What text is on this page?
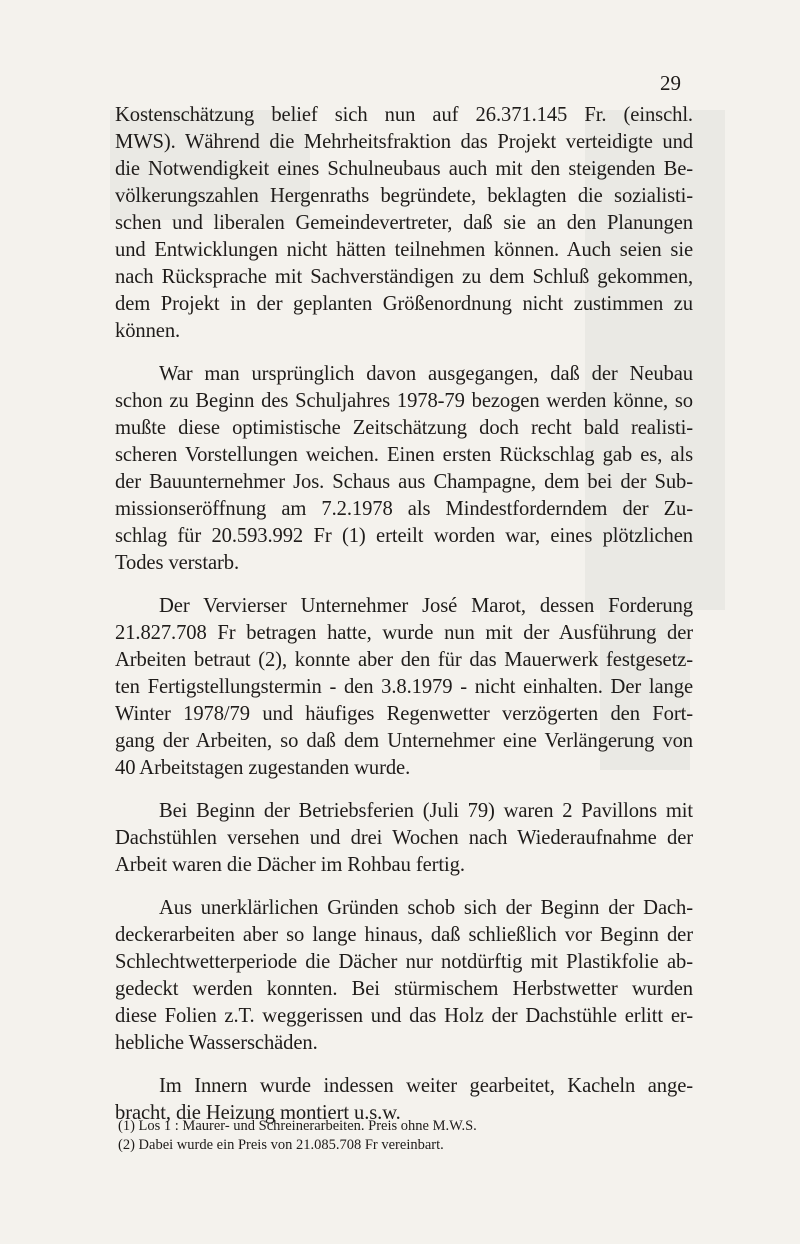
29
Kostenschätzung belief sich nun auf 26.371.145 Fr. (einschl.
MWS). Während die Mehrheitsfraktion das Projekt verteidigte und
die Notwendigkeit eines Schulneubaus auch mit den steigenden Be-
völkerungszahlen Hergenraths begründete, beklagten die sozialisti-
schen und liberalen Gemeindevertreter, daß sie an den Planungen
und Entwicklungen nicht hätten teilnehmen können. Auch seien sie
nach Rücksprache mit Sachverständigen zu dem Schluß gekommen,
dem Projekt in der geplanten Größenordnung nicht zustimmen zu
können.
War man ursprünglich davon ausgegangen, daß der Neubau
schon zu Beginn des Schuljahres 1978-79 bezogen werden könne, so
mußte diese optimistische Zeitschätzung doch recht bald realisti-
scheren Vorstellungen weichen. Einen ersten Rückschlag gab es, als
der Bauunternehmer Jos. Schaus aus Champagne, dem bei der Sub-
missionseröffnung am 7.2.1978 als Mindestforderndem der Zu-
schlag für 20.593.992 Fr (1) erteilt worden war, eines plötzlichen
Todes verstarb.
Der Vervierser Unternehmer José Marot, dessen Forderung
21.827.708 Fr betragen hatte, wurde nun mit der Ausführung der
Arbeiten betraut (2), konnte aber den für das Mauerwerk festgesetz-
ten Fertigstellungstermin - den 3.8.1979 - nicht einhalten. Der lange
Winter 1978/79 und häufiges Regenwetter verzögerten den Fort-
gang der Arbeiten, so daß dem Unternehmer eine Verlängerung von
40 Arbeitstagen zugestanden wurde.
Bei Beginn der Betriebsferien (Juli 79) waren 2 Pavillons mit
Dachstühlen versehen und drei Wochen nach Wiederaufnahme der
Arbeit waren die Dächer im Rohbau fertig.
Aus unerklärlichen Gründen schob sich der Beginn der Dach-
deckerarbeiten aber so lange hinaus, daß schließlich vor Beginn der
Schlechtwetterperiode die Dächer nur notdürftig mit Plastikfolie ab-
gedeckt werden konnten. Bei stürmischem Herbstwetter wurden
diese Folien z.T. weggerissen und das Holz der Dachstühle erlitt er-
hebliche Wasserschäden.
Im Innern wurde indessen weiter gearbeitet, Kacheln ange-
bracht, die Heizung montiert u.s.w.
(1) Los 1 : Maurer- und Schreinerarbeiten. Preis ohne M.W.S.
(2) Dabei wurde ein Preis von 21.085.708 Fr vereinbart.
